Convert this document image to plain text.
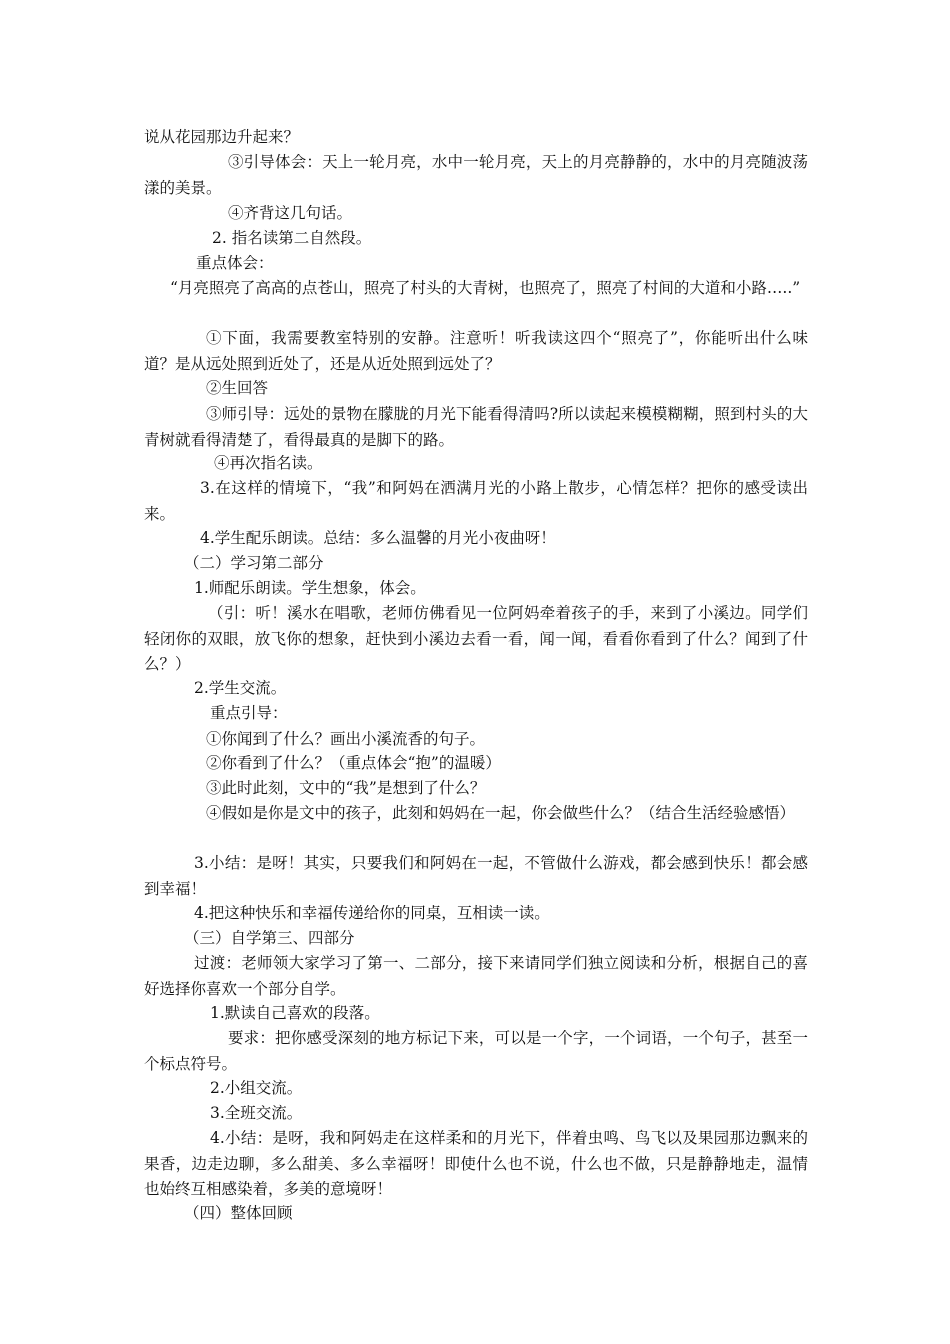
说从花园那边升起来？
③引导体会：天上一轮月亮，水中一轮月亮，天上的月亮静静的，水中的月亮随波荡漾的美景。
④齐背这几句话。
2. 指名读第二自然段。
重点体会：
“月亮照亮了高高的点苍山，照亮了村头的大青树，也照亮了，照亮了村间的大道和小路…..”
①下面，我需要教室特别的安静。注意听！听我读这四个“照亮了”，你能听出什么味道？是从远处照到近处了，还是从近处照到远处了？
②生回答
③师引导：远处的景物在朦胧的月光下能看得清吗?所以读起来模模糊糊，照到村头的大青树就看得清楚了，看得最真的是脚下的路。
④再次指名读。
3.在这样的情境下，“我”和阿妈在洒满月光的小路上散步，心情怎样？把你的感受读出来。
4.学生配乐朗读。总结：多么温馨的月光小夜曲呀！
（二）学习第二部分
1.师配乐朗读。学生想象，体会。
（引：听！溪水在唱歌，老师仿佛看见一位阿妈牵着孩子的手，来到了小溪边。同学们轻闭你的双眼，放飞你的想象，赶快到小溪边去看一看，闻一闻，看看你看到了什么？闻到了什么？）
2.学生交流。
重点引导：
①你闻到了什么？画出小溪流香的句子。
②你看到了什么？（重点体会“抱”的温暖）
③此时此刻，文中的“我”是想到了什么？
④假如是你是文中的孩子，此刻和妈妈在一起，你会做些什么？（结合生活经验感悟）
3.小结：是呀！其实，只要我们和阿妈在一起，不管做什么游戏，都会感到快乐！都会感到幸福！
4.把这种快乐和幸福传递给你的同桌，互相读一读。
（三）自学第三、四部分
过渡：老师领大家学习了第一、二部分，接下来请同学们独立阅读和分析，根据自己的喜好选择你喜欢一个部分自学。
1.默读自己喜欢的段落。
要求：把你感受深刻的地方标记下来，可以是一个字，一个词语，一个句子，甚至一个标点符号。
2.小组交流。
3.全班交流。
4.小结：是呀，我和阿妈走在这样柔和的月光下，伴着虫鸣、鸟飞以及果园那边飘来的果香，边走边聊，多么甜美、多么幸福呀！即使什么也不说，什么也不做，只是静静地走，温情也始终互相感染着，多美的意境呀！
（四）整体回顾
